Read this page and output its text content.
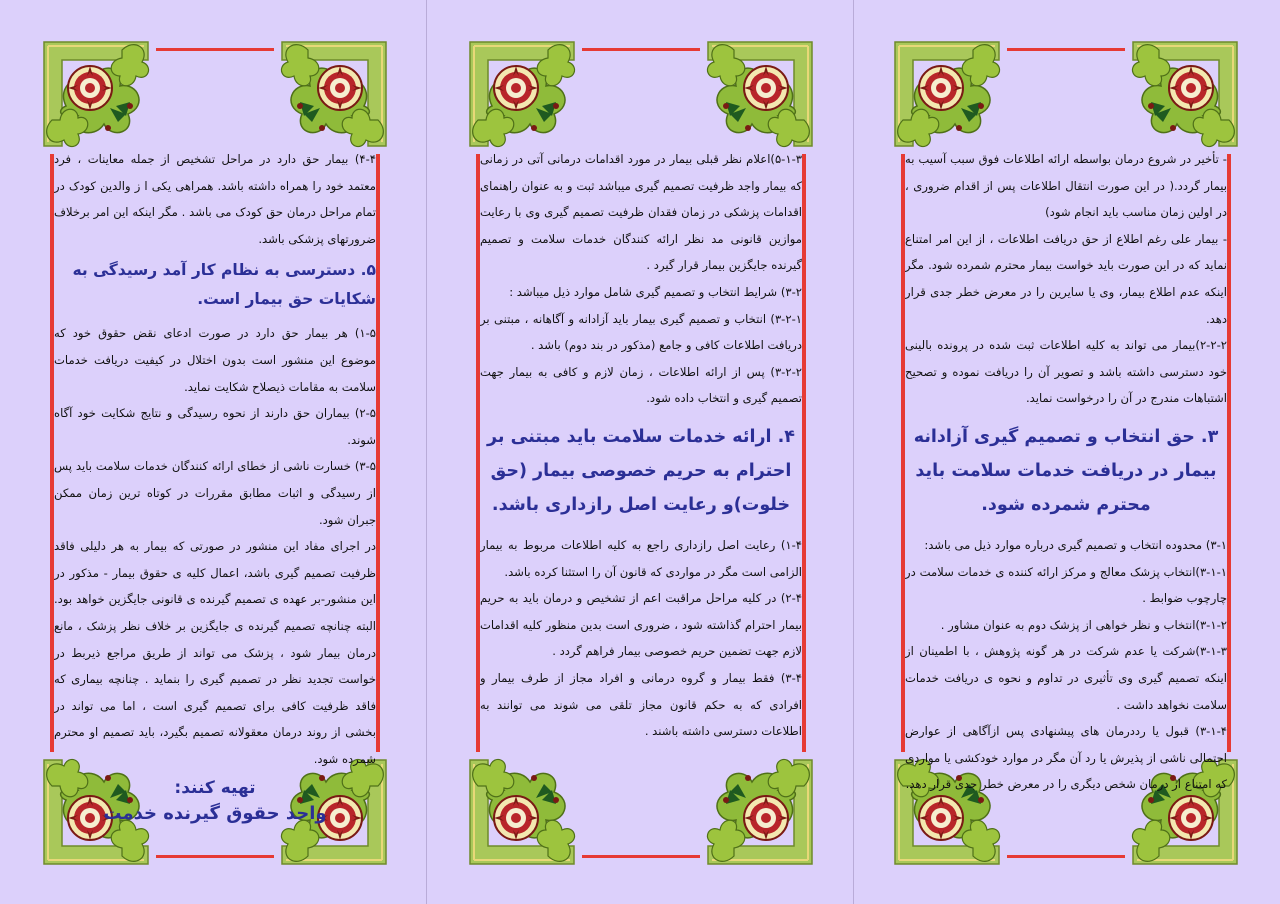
۴-۴) بیمار حق دارد در مراحل تشخیص از جمله معاینات ، فرد معتمد خود را همراه داشته باشد. همراهی یکی ا ز والدین کودک در تمام مراحل درمان حق کودک می باشد . مگر اینکه این امر برخلاف ضرورتهای پزشکی باشد.

۵. دسترسی به نظام کار آمد رسیدگی به شکایات حق بیمار است.

۱-۵) هر بیمار حق دارد در صورت ادعای نقض حقوق خود که موضوع این منشور است بدون اختلال در کیفیت دریافت خدمات سلامت به مقامات ذیصلاح شکایت نماید.

۲-۵) بیماران حق دارند از نحوه رسیدگی و نتایج شکایت خود آگاه شوند.

۳-۵) خسارت ناشی از خطای ارائه کنندگان خدمات سلامت باید پس از رسیدگی و اثبات مطابق مقررات در کوتاه ترین زمان ممکن جبران شود.

در اجرای مفاد این منشور در صورتی که بیمار به هر دلیلی فاقد ظرفیت تصمیم گیری باشد، اعمال کلیه ی حقوق بیمار - مذکور در این منشور-بر عهده ی تصمیم گیرنده ی قانونی جایگزین خواهد بود. البته چنانچه تصمیم گیرنده ی جایگزین بر خلاف نظر پزشک ، مانع درمان بیمار شود ، پزشک می تواند از طریق مراجع ذیربط در خواست تجدید نظر در تصمیم گیری را بنماید . چنانچه بیماری که فاقد ظرفیت کافی برای تصمیم گیری است ، اما می تواند در بخشی از روند درمان معقولانه تصمیم بگیرد، باید تصمیم او محترم شمرده شود.

تهیه کنند:
واحد حقوق گیرنده خدمت

۵-۱-۳)اعلام نظر قبلی بیمار در مورد اقدامات درمانی آتی در زمانی که بیمار واجد ظرفیت تصمیم گیری میباشد ثبت و به عنوان راهنمای اقدامات پزشکی در زمان فقدان ظرفیت تصمیم گیری وی با رعایت موازین قانونی مد نظر ارائه کنندگان خدمات سلامت و تصمیم گیرنده جایگزین بیمار قرار گیرد .

۳-۲) شرایط انتخاب و تصمیم گیری شامل موارد ذیل میباشد :

۳-۲-۱) انتخاب و تصمیم گیری بیمار باید آزادانه و آگاهانه ، مبتنی بر دریافت اطلاعات کافی و جامع (مذکور در بند دوم) باشد .

۳-۲-۲) پس از ارائه اطلاعات ، زمان لازم و کافی به بیمار جهت تصمیم گیری و انتخاب داده شود.

۴. ارائه خدمات سلامت باید مبتنی بر احترام به حریم خصوصی بیمار (حق خلوت)و رعایت اصل رازداری باشد.

۱-۴) رعایت اصل رازداری راجع به کلیه اطلاعات مربوط به بیمار الزامی است مگر در مواردی که قانون آن را استثنا کرده باشد.

۲-۴) در کلیه مراحل مراقبت اعم از تشخیص و درمان باید به حریم بیمار احترام گذاشته شود ، ضروری است بدین منظور کلیه اقدامات لازم جهت تضمین حریم خصوصی بیمار فراهم گردد .

۳-۴) فقط بیمار و گروه درمانی و افراد مجاز از طرف بیمار و افرادی که به حکم قانون مجاز تلقی می شوند می توانند به اطلاعات دسترسی داشته باشند .

- تأخیر در شروع درمان بواسطه ارائه اطلاعات فوق سبب آسیب به بیمار گردد.( در این صورت انتقال اطلاعات پس از اقدام ضروری ، در اولین زمان مناسب باید انجام شود)

- بیمار علی رغم اطلاع از حق دریافت اطلاعات ، از این امر امتناع نماید که در این صورت باید خواست بیمار محترم شمرده شود. مگر اینکه عدم اطلاع بیمار، وی یا سایرین را در معرض خطر جدی قرار دهد.

۲-۲-۲)بیمار می تواند به کلیه اطلاعات ثبت شده در پرونده بالینی خود دسترسی داشته باشد و تصویر آن را دریافت نموده و تصحیح اشتباهات مندرج در آن را درخواست نماید.

۳. حق انتخاب و تصمیم گیری آزادانه بیمار در دریافت خدمات سلامت باید محترم شمرده شود.

۳-۱) محدوده انتخاب و تصمیم گیری درباره موارد ذیل می باشد:

۳-۱-۱)انتخاب پزشک معالج و مرکز ارائه کننده ی خدمات سلامت در چارچوب ضوابط .

۳-۱-۲)انتخاب و نظر خواهی از پزشک دوم به عنوان مشاور .

۳-۱-۳)شرکت یا عدم شرکت در هر گونه پژوهش ، با اطمینان از اینکه تصمیم گیری وی تأثیری در تداوم و نحوه ی دریافت خدمات سلامت نخواهد داشت .

۳-۱-۴) قبول یا رددرمان های پیشنهادی پس ازآگاهی از عوارض احتمالی ناشی از پذیرش یا رد آن مگر در موارد خودکشی یا مواردی که امتناع از درمان شخص دیگری را در معرض خطر جدی قرار دهد.
